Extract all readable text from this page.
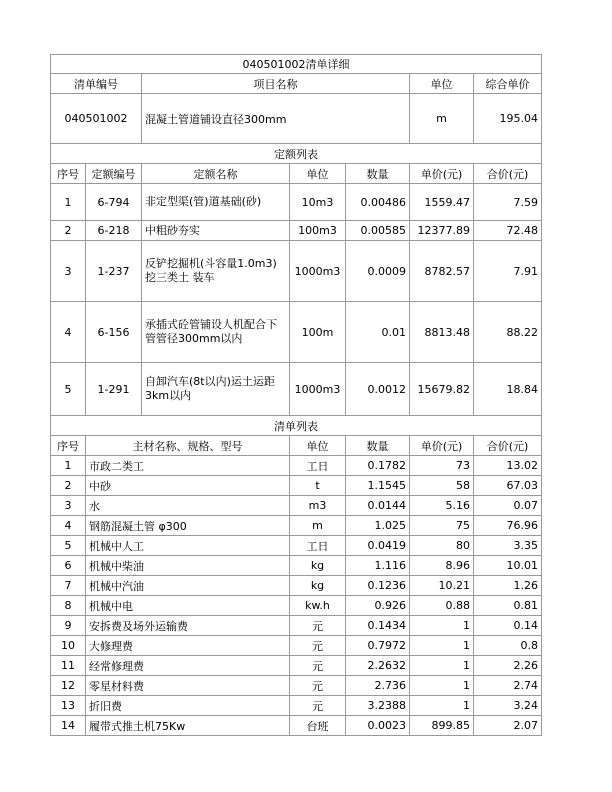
040501002清单详细						
清单编号		项目名称			单位	综合单价
040501002		混凝土管道铺设直径300mm			m	195.04
定额列表						
序号	定额编号	定额名称	单位	数量	单价(元)	合价(元)
1	6-794	非定型渠(管)道基础(砂)	10m3	0.00486	1559.47	7.59
2	6-218	中粗砂夯实	100m3	0.00585	12377.89	72.48
3	1-237	反铲挖掘机(斗容量1.0m3)挖三类土 装车	1000m3	0.0009	8782.57	7.91
4	6-156	承插式砼管铺设人机配合下管管径300mm以内	100m	0.01	8813.48	88.22
5	1-291	自卸汽车(8t以内)运土运距3km以内	1000m3	0.0012	15679.82	18.84
清单列表						
序号	主材名称、规格、型号		单位	数量	单价(元)	合价(元)
1	市政二类工		工日	0.1782	73	13.02
2	中砂		t	1.1545	58	67.03
3	水		m3	0.0144	5.16	0.07
4	钢筋混凝土管 φ300		m	1.025	75	76.96
5	机械中人工		工日	0.0419	80	3.35
6	机械中柴油		kg	1.116	8.96	10.01
7	机械中汽油		kg	0.1236	10.21	1.26
8	机械中电		kw.h	0.926	0.88	0.81
9	安拆费及场外运输费		元	0.1434	1	0.14
10	大修理费		元	0.7972	1	0.8
11	经常修理费		元	2.2632	1	2.26
12	零星材料费		元	2.736	1	2.74
13	折旧费		元	3.2388	1	3.24
14	履带式推土机75Kw		台班	0.0023	899.85	2.07
